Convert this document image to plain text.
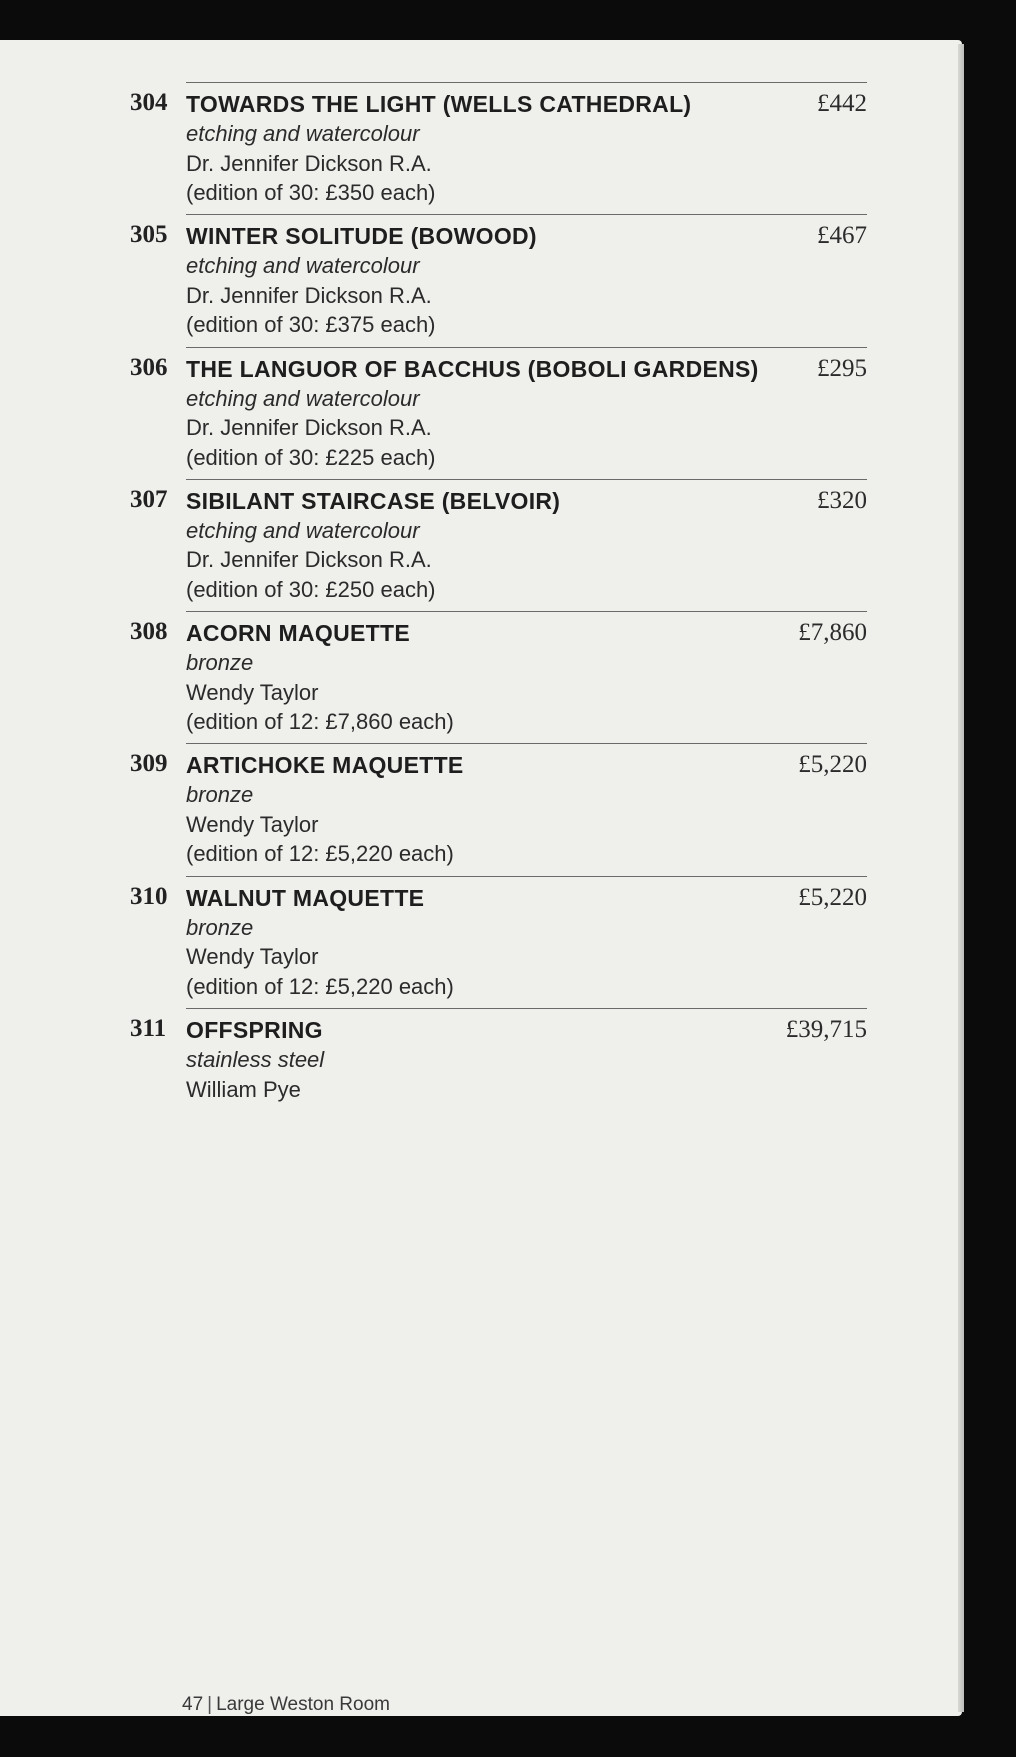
304 TOWARDS THE LIGHT (WELLS CATHEDRAL)
etching and watercolour
Dr. Jennifer Dickson R.A.
(edition of 30: £350 each)
£442
305 WINTER SOLITUDE (BOWOOD)
etching and watercolour
Dr. Jennifer Dickson R.A.
(edition of 30: £375 each)
£467
306 THE LANGUOR OF BACCHUS (BOBOLI GARDENS)
etching and watercolour
Dr. Jennifer Dickson R.A.
(edition of 30: £225 each)
£295
307 SIBILANT STAIRCASE (BELVOIR)
etching and watercolour
Dr. Jennifer Dickson R.A.
(edition of 30: £250 each)
£320
308 ACORN MAQUETTE
bronze
Wendy Taylor
(edition of 12: £7,860 each)
£7,860
309 ARTICHOKE MAQUETTE
bronze
Wendy Taylor
(edition of 12: £5,220 each)
£5,220
310 WALNUT MAQUETTE
bronze
Wendy Taylor
(edition of 12: £5,220 each)
£5,220
311 OFFSPRING
stainless steel
William Pye
£39,715
47 | Large Weston Room
